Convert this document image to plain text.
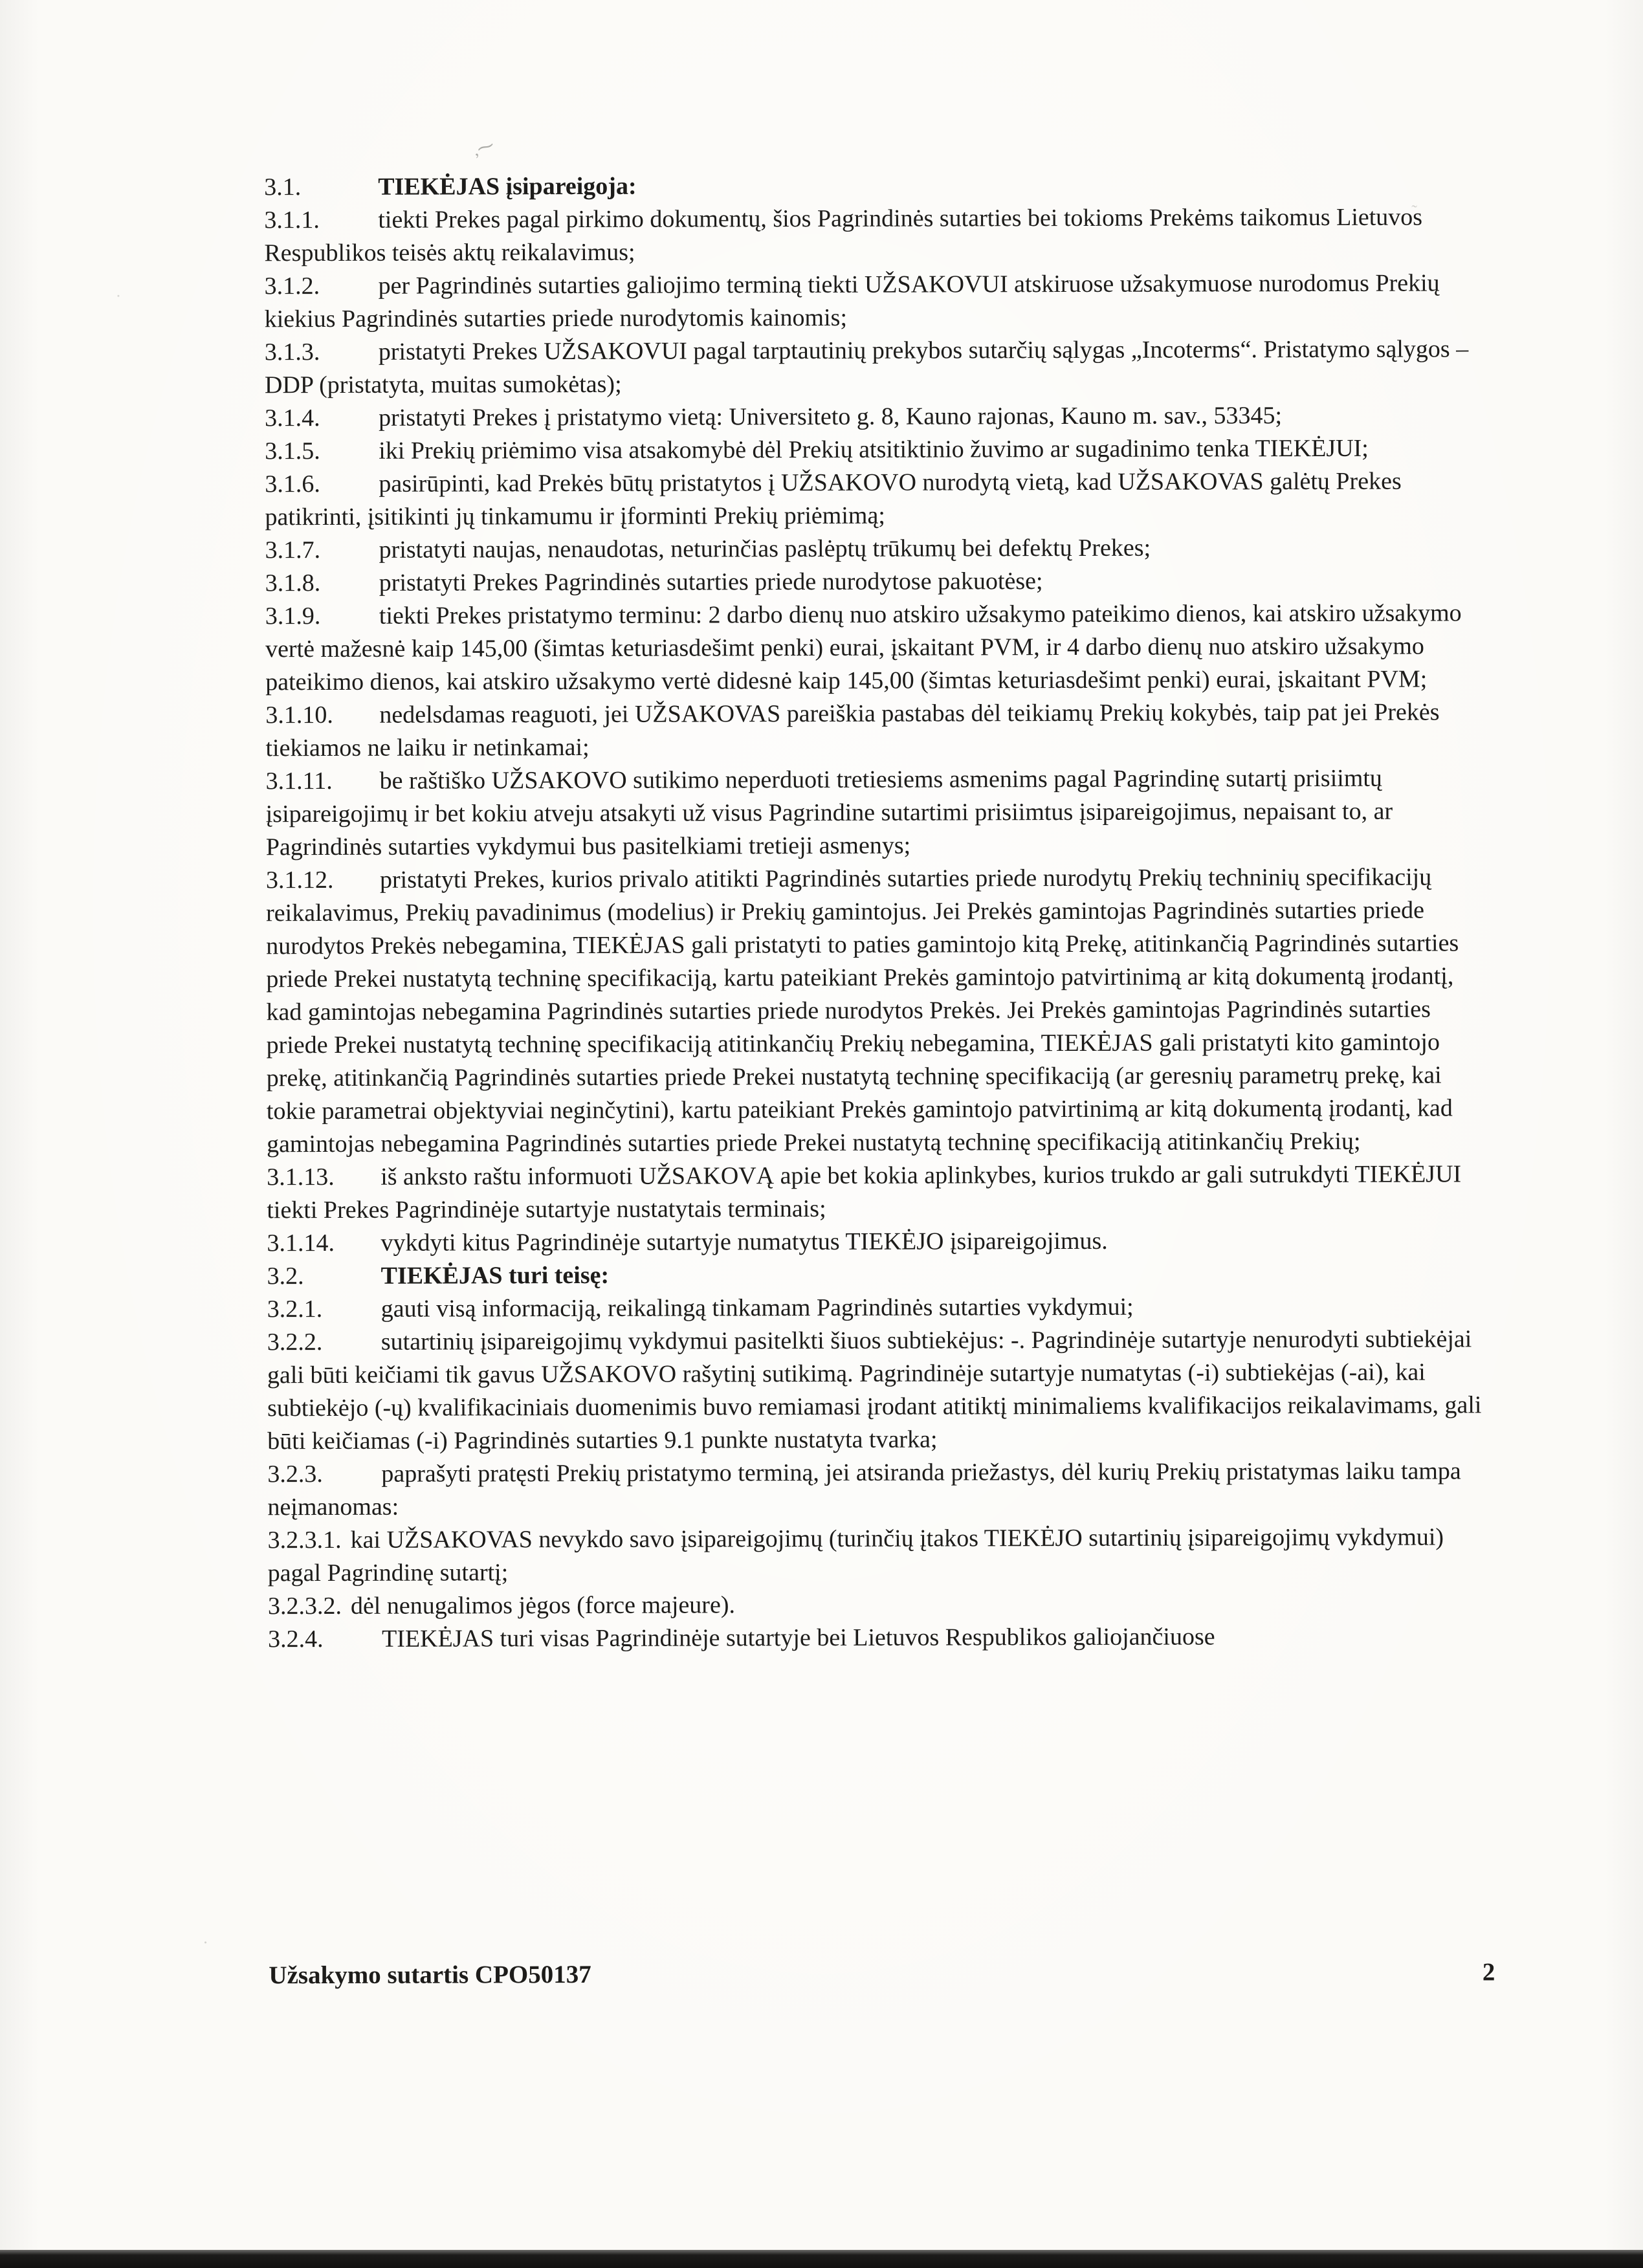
,⁓
˷
·
·

3.1.	TIEKĖJAS įsipareigoja:

3.1.1. tiekti Prekes pagal pirkimo dokumentų, šios Pagrindinės sutarties bei tokioms Prekėms taikomus Lietuvos Respublikos teisės aktų reikalavimus;

3.1.2. per Pagrindinės sutarties galiojimo terminą tiekti UŽSAKOVUI atskiruose užsakymuose nurodomus Prekių kiekius Pagrindinės sutarties priede nurodytomis kainomis;

3.1.3. pristatyti Prekes UŽSAKOVUI pagal tarptautinių prekybos sutarčių sąlygas „Incoterms“. Pristatymo sąlygos – DDP (pristatyta, muitas sumokėtas);

3.1.4. pristatyti Prekes į pristatymo vietą: Universiteto g. 8, Kauno rajonas, Kauno m. sav., 53345;

3.1.5. iki Prekių priėmimo visa atsakomybė dėl Prekių atsitiktinio žuvimo ar sugadinimo tenka TIEKĖJUI;

3.1.6. pasirūpinti, kad Prekės būtų pristatytos į UŽSAKOVO nurodytą vietą, kad UŽSAKOVAS galėtų Prekes patikrinti, įsitikinti jų tinkamumu ir įforminti Prekių priėmimą;

3.1.7. pristatyti naujas, nenaudotas, neturinčias paslėptų trūkumų bei defektų Prekes;

3.1.8. pristatyti Prekes Pagrindinės sutarties priede nurodytose pakuotėse;

3.1.9. tiekti Prekes pristatymo terminu: 2 darbo dienų nuo atskiro užsakymo pateikimo dienos, kai atskiro užsakymo vertė mažesnė kaip 145,00 (šimtas keturiasdešimt penki) eurai, įskaitant PVM, ir 4 darbo dienų nuo atskiro užsakymo pateikimo dienos, kai atskiro užsakymo vertė didesnė kaip 145,00 (šimtas keturiasdešimt penki) eurai, įskaitant PVM;

3.1.10. nedelsdamas reaguoti, jei UŽSAKOVAS pareiškia pastabas dėl teikiamų Prekių kokybės, taip pat jei Prekės tiekiamos ne laiku ir netinkamai;

3.1.11. be raštiško UŽSAKOVO sutikimo neperduoti tretiesiems asmenims pagal Pagrindinę sutartį prisiimtų įsipareigojimų ir bet kokiu atveju atsakyti už visus Pagrindine sutartimi prisiimtus įsipareigojimus, nepaisant to, ar Pagrindinės sutarties vykdymui bus pasitelkiami tretieji asmenys;

3.1.12. pristatyti Prekes, kurios privalo atitikti Pagrindinės sutarties priede nurodytų Prekių techninių specifikacijų reikalavimus, Prekių pavadinimus (modelius) ir Prekių gamintojus. Jei Prekės gamintojas Pagrindinės sutarties priede nurodytos Prekės nebegamina, TIEKĖJAS gali pristatyti to paties gamintojo kitą Prekę, atitinkančią Pagrindinės sutarties priede Prekei nustatytą techninę specifikaciją, kartu pateikiant Prekės gamintojo patvirtinimą ar kitą dokumentą įrodantį, kad gamintojas nebegamina Pagrindinės sutarties priede nurodytos Prekės. Jei Prekės gamintojas Pagrindinės sutarties priede Prekei nustatytą techninę specifikaciją atitinkančių Prekių nebegamina, TIEKĖJAS gali pristatyti kito gamintojo prekę, atitinkančią Pagrindinės sutarties priede Prekei nustatytą techninę specifikaciją (ar geresnių parametrų prekę, kai tokie parametrai objektyviai neginčytini), kartu pateikiant Prekės gamintojo patvirtinimą ar kitą dokumentą įrodantį, kad gamintojas nebegamina Pagrindinės sutarties priede Prekei nustatytą techninę specifikaciją atitinkančių Prekių;

3.1.13. iš anksto raštu informuoti UŽSAKOVĄ apie bet kokia aplinkybes, kurios trukdo ar gali sutrukdyti TIEKĖJUI tiekti Prekes Pagrindinėje sutartyje nustatytais terminais;

3.1.14. vykdyti kitus Pagrindinėje sutartyje numatytus TIEKĖJO įsipareigojimus.

3.2.	TIEKĖJAS turi teisę:

3.2.1. gauti visą informaciją, reikalingą tinkamam Pagrindinės sutarties vykdymui;

3.2.2. sutartinių įsipareigojimų vykdymui pasitelkti šiuos subtiekėjus: -. Pagrindinėje sutartyje nenurodyti subtiekėjai gali būti keičiami tik gavus UŽSAKOVO rašytinį sutikimą. Pagrindinėje sutartyje numatytas (-i) subtiekėjas (-ai), kai subtiekėjo (-ų) kvalifikaciniais duomenimis buvo remiamasi įrodant atitiktį minimaliems kvalifikacijos reikalavimams, gali būti keičiamas (-i) Pagrindinės sutarties 9.1 punkte nustatyta tvarka;

3.2.3. paprašyti pratęsti Prekių pristatymo terminą, jei atsiranda priežastys, dėl kurių Prekių pristatymas laiku tampa neįmanomas:

3.2.3.1. kai UŽSAKOVAS nevykdo savo įsipareigojimų (turinčių įtakos TIEKĖJO sutartinių įsipareigojimų vykdymui) pagal Pagrindinę sutartį;

3.2.3.2. dėl nenugalimos jėgos (force majeure).

3.2.4. TIEKĖJAS turi visas Pagrindinėje sutartyje bei Lietuvos Respublikos galiojančiuose

Užsakymo sutartis CPO50137	2
